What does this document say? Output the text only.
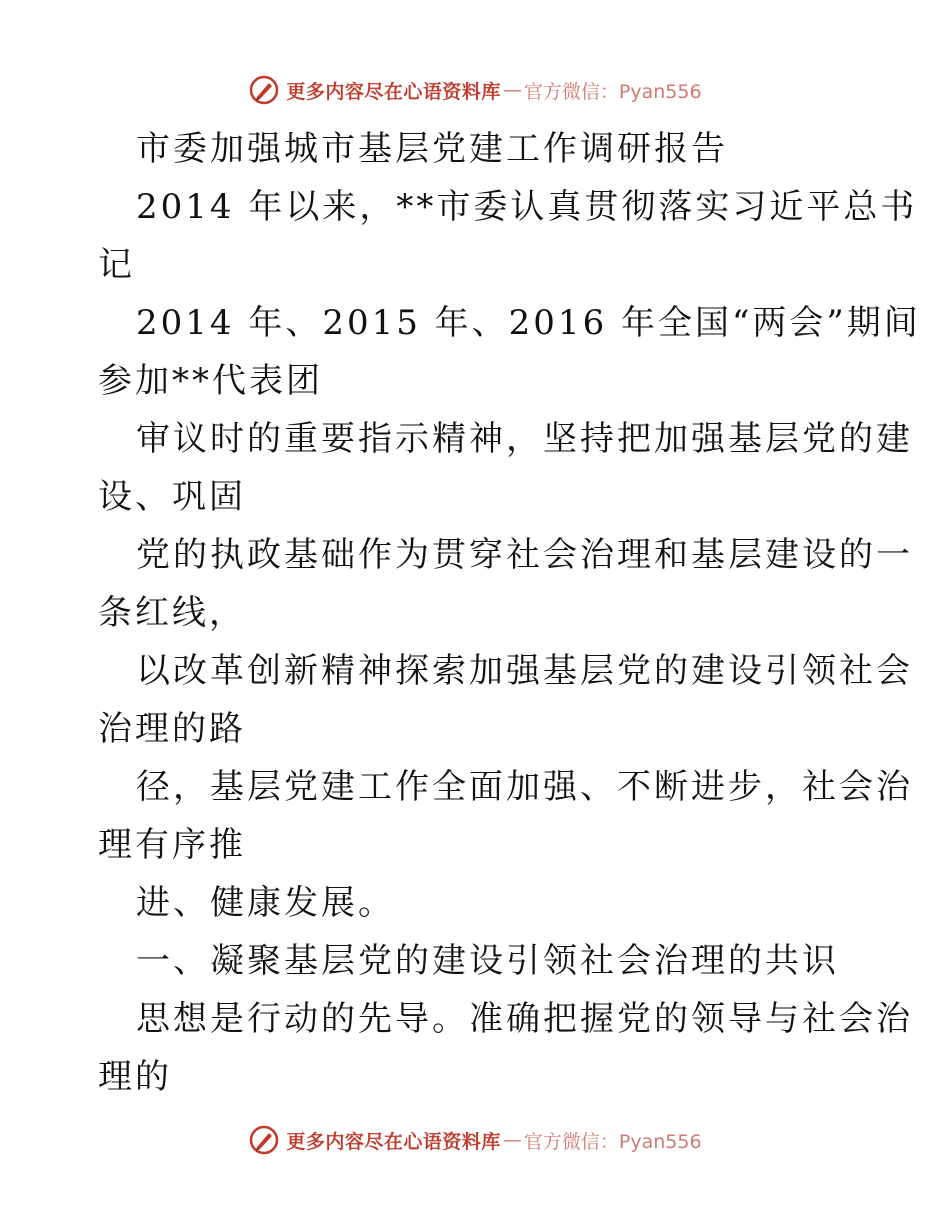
更多内容尽在心语资料库 — 官方微信：Pyan556
市委加强城市基层党建工作调研报告
2014 年以来，**市委认真贯彻落实习近平总书
记
2014 年、2015 年、2016 年全国“两会”期间
参加**代表团
审议时的重要指示精神，坚持把加强基层党的建
设、巩固
党的执政基础作为贯穿社会治理和基层建设的一
条红线，
以改革创新精神探索加强基层党的建设引领社会
治理的路
径，基层党建工作全面加强、不断进步，社会治
理有序推
进、健康发展。
一、凝聚基层党的建设引领社会治理的共识
思想是行动的先导。准确把握党的领导与社会治
理的
更多内容尽在心语资料库 — 官方微信：Pyan556
